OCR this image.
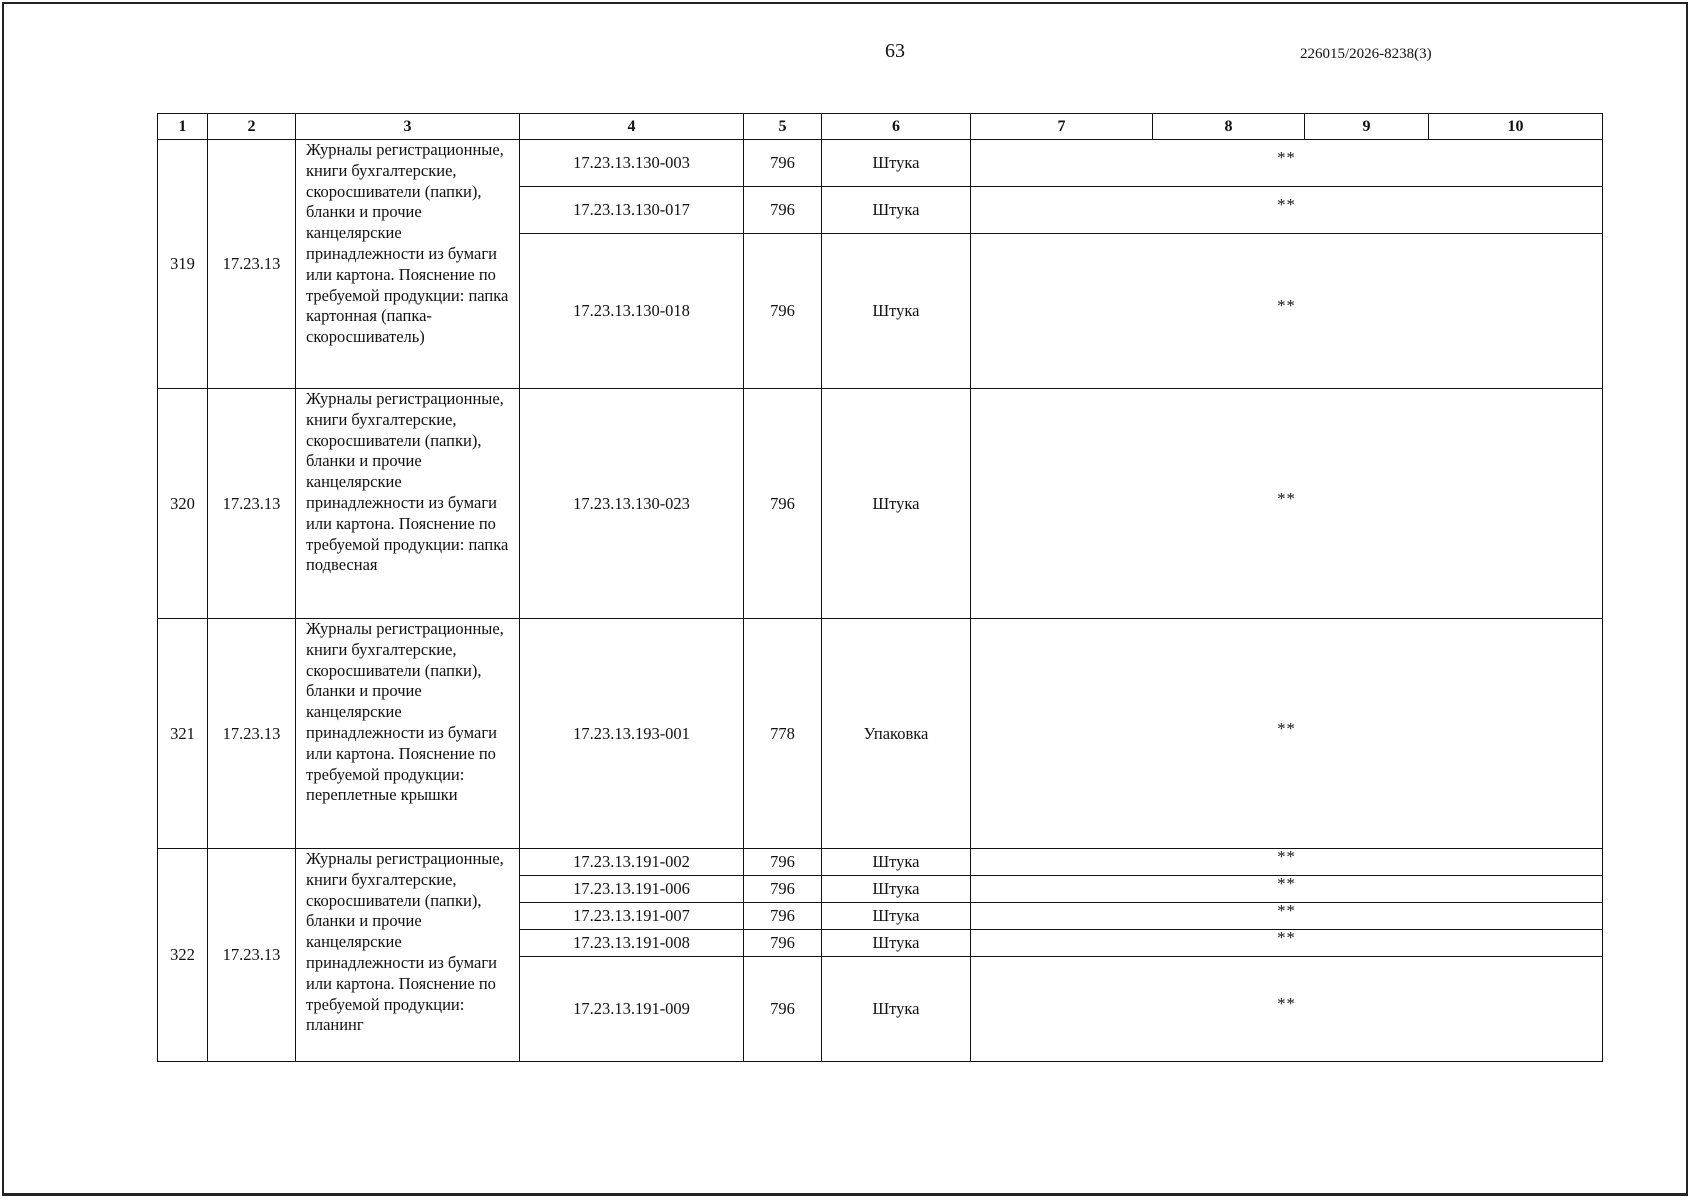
63	226015/2026-8238(3)
1	2	3	4	5	6	7	8	9	10
319	17.23.13	Журналы регистрационные, книги бухгалтерские, скоросшиватели (папки), бланки и прочие канцелярские принадлежности из бумаги или картона. Пояснение по требуемой продукции: папка картонная (папка-скоросшиватель)	17.23.13.130-003	796	Штука	**			
			17.23.13.130-017	796	Штука	**			
			17.23.13.130-018	796	Штука	**			
320	17.23.13	Журналы регистрационные, книги бухгалтерские, скоросшиватели (папки), бланки и прочие канцелярские принадлежности из бумаги или картона. Пояснение по требуемой продукции: папка подвесная	17.23.13.130-023	796	Штука	**			
321	17.23.13	Журналы регистрационные, книги бухгалтерские, скоросшиватели (папки), бланки и прочие канцелярские принадлежности из бумаги или картона. Пояснение по требуемой продукции: переплетные крышки	17.23.13.193-001	778	Упаковка	**			
322	17.23.13	Журналы регистрационные, книги бухгалтерские, скоросшиватели (папки), бланки и прочие канцелярские принадлежности из бумаги или картона. Пояснение по требуемой продукции: планинг	17.23.13.191-002	796	Штука	**			
			17.23.13.191-006	796	Штука	**			
			17.23.13.191-007	796	Штука	**			
			17.23.13.191-008	796	Штука	**			
			17.23.13.191-009	796	Штука	**			
